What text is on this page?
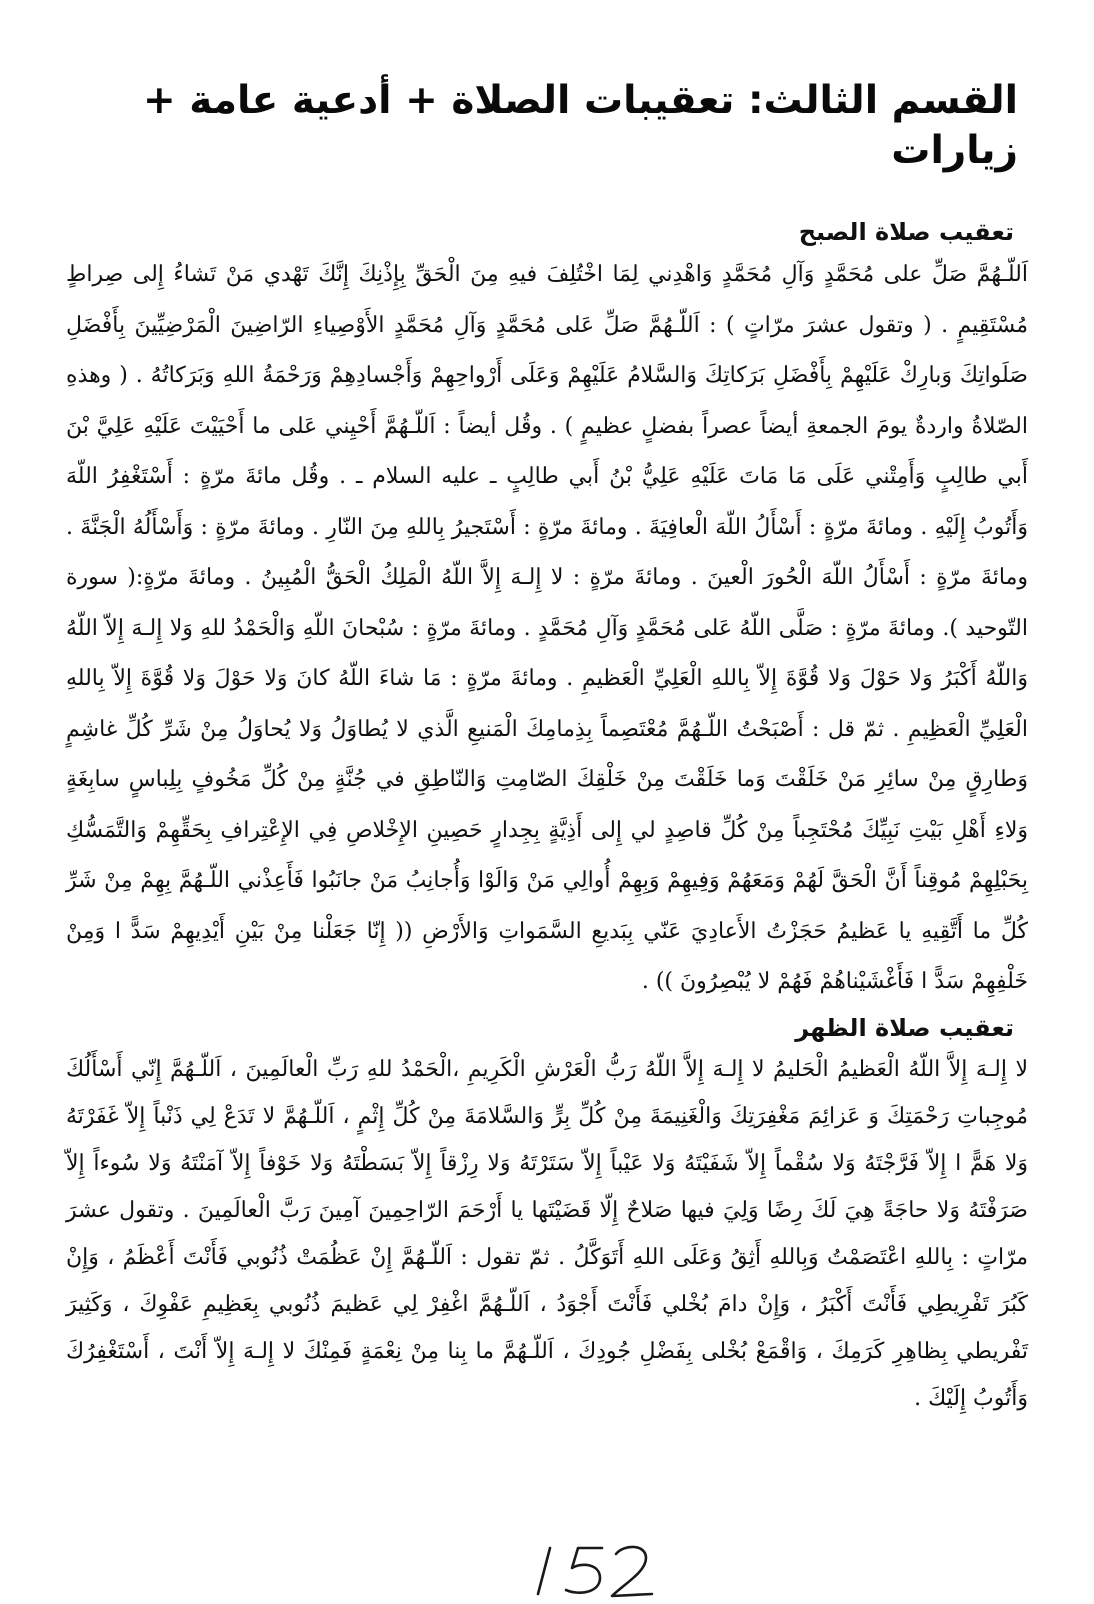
القسم الثالث: تعقيبات الصلاة + أدعية عامة + زيارات
تعقيب صلاة الصبح

اَللّـهُمَّ صَلِّ على مُحَمَّدٍ وَآلِ مُحَمَّدٍ وَاهْدِني لِمَا اخْتُلِفَ فيهِ مِنَ الْحَقِّ بِإِذْنِكَ إِنَّكَ تَهْدي مَنْ تَشاءُ إِلى صِراطٍ مُسْتَقِيمٍ . ( وتقول عشرَ مرّاتٍ ) : اَللّـهُمَّ صَلِّ عَلى مُحَمَّدٍ وَآلِ مُحَمَّدٍ الأَوْصِياءِ الرّاضِينَ الْمَرْضِيِّينَ بِأَفْضَلِ صَلَواتِكَ وَبارِكْ عَلَيْهِمْ بِأَفْضَلِ بَرَكاتِكَ وَالسَّلامُ عَلَيْهِمْ وَعَلَى أَرْواحِهِمْ وَأَجْسادِهِمْ وَرَحْمَةُ اللهِ وَبَرَكاتُهُ . ( وهذهِ الصّلاةُ واردةٌ يومَ الجمعةِ أيضاً عصراً بفضلٍ عظيمٍ ) . وقُل أيضاً : اَللّـهُمَّ أَحْيِني عَلى ما أَحْيَيْتَ عَلَيْهِ عَلِيَّ بْنَ أَبي طالِبٍ وَأَمِتْني عَلَى مَا مَاتَ عَلَيْهِ عَلِيُّ بْنُ أَبي طالِبٍ ـ عليه السلام ـ . وقُل مائةَ مرّةٍ : أَسْتَغْفِرُ اللّهَ وَأَتُوبُ إِلَيْهِ . ومائةَ مرّةٍ : أَسْأَلُ اللّهَ الْعافِيَةَ . ومائةَ مرّةٍ : أَسْتَجيرُ بِاللهِ مِنَ النّارِ . ومائةَ مرّةٍ : وَأَسْأَلُهُ الْجَنَّةَ . ومائةَ مرّةٍ : أَسْأَلُ اللّهَ الْحُورَ الْعينَ . ومائةَ مرّةٍ : لا إِلـهَ إِلاَّ اللّهُ الْمَلِكُ الْحَقُّ الْمُبِينُ . ومائةَ مرّةٍ:( سورة التّوحيد ). ومائةَ مرّةٍ : صَلَّى اللّهُ عَلى مُحَمَّدٍ وَآلِ مُحَمَّدٍ . ومائةَ مرّةٍ : سُبْحانَ اللّهِ وَالْحَمْدُ للهِ وَلا إِلـهَ إِلاّ اللّهُ وَاللّهُ أَكْبَرُ وَلا حَوْلَ وَلا قُوَّةَ إِلاّ بِاللهِ الْعَلِيِّ الْعَظيمِ . ومائةَ مرّةٍ : مَا شاءَ اللّهُ كانَ وَلا حَوْلَ وَلا قُوَّةَ إِلاّ بِاللهِ الْعَلِيِّ الْعَظِيمِ . ثمّ قل : أَصْبَحْتُ اللّـهُمَّ مُعْتَصِماً بِذِمامِكَ الْمَنيعِ الَّذي لا يُطاوَلُ وَلا يُحاوَلُ مِنْ شَرِّ كُلِّ غاشِمٍ وَطارِقٍ مِنْ سائِرِ مَنْ خَلَقْتَ وَما خَلَقْتَ مِنْ خَلْقِكَ الصّامِتِ وَالنّاطِقِ في جُنَّةٍ مِنْ كُلِّ مَخُوفٍ بِلِباسٍ سابِغَةٍ وَلاءِ أَهْلِ بَيْتِ نَبِيِّكَ مُحْتَجِباً مِنْ كُلِّ قاصِدٍ لي إِلى أَذِيَّةٍ بِجِدارٍ حَصِينِ الإِخْلاصِ فِي الإِعْتِرافِ بِحَقِّهِمْ وَالتَّمَسُّكِ بِحَبْلِهِمْ مُوقِناً أَنَّ الْحَقَّ لَهُمْ وَمَعَهُمْ وَفِيهِمْ وَبِهِمْ أُوالِي مَنْ وَالَوْا وَأُجانِبُ مَنْ جانَبُوا فَأَعِذْني اللّـهُمَّ بِهِمْ مِنْ شَرِّ كُلِّ ما أَتَّقِيهِ يا عَظيمُ حَجَزْتُ الأَعادِيَ عَنّي بِبَديعِ السَّمَواتِ وَالأَرْضِ (( إِنّا جَعَلْنا مِنْ بَيْنِ أَيْدِيهِمْ سَدًّ ا وَمِنْ خَلْفِهِمْ سَدًّ ا فَأَغْشَيْناهُمْ فَهُمْ لا يُبْصِرُونَ )) .

تعقيب صلاة الظهر

لا إِلـهَ إِلاَّ اللّهُ الْعَظيمُ الْحَليمُ لا إِلـهَ إِلاَّ اللّهُ رَبُّ الْعَرْشِ الْكَرِيمِ ،الْحَمْدُ للهِ رَبِّ الْعالَمِينَ ، اَللّـهُمَّ إِنّي أَسْأَلُكَ مُوجِباتِ رَحْمَتِكَ وَ عَزائِمَ مَغْفِرَتِكَ وَالْغَنِيمَةَ مِنْ كُلِّ بِرٍّ وَالسَّلامَةَ مِنْ كُلِّ إِثْمٍ ، اَللّـهُمَّ لا تَدَعْ لِي ذَنْباً إِلاّ غَفَرْتَهُ وَلا هَمًّ ا إِلاّ فَرَّجْتَهُ وَلا سُقْماً إِلاّ شَفَيْتَهُ وَلا عَيْباً إِلاّ سَتَرْتَهُ وَلا رِزْقاً إِلاّ بَسَطْتَهُ وَلا خَوْفاً إِلاّ آمَنْتَهُ وَلا سُوءاً إِلاّ صَرَفْتَهُ وَلا حاجَةً هِيَ لَكَ رِضًا وَلِيَ فيها صَلاحٌ إِلّا قَضَيْتَها يا أَرْحَمَ الرّاحِمِينَ آمِينَ رَبَّ الْعالَمِينَ . وتقول عشرَ مرّاتٍ : بِاللهِ اعْتَصَمْتُ وَبِاللهِ أَثِقُ وَعَلَى اللهِ أَتَوَكَّلُ . ثمّ تقول : اَللّـهُمَّ إِنْ عَظُمَتْ ذُنُوبي فَأَنْتَ أَعْظَمُ ، وَإِنْ كَبُرَ تَفْرِيطِي فَأَنْتَ أَكْبَرُ ، وَإِنْ دامَ بُخْلي فَأَنْتَ أَجْوَدُ ، اَللّـهُمَّ اغْفِرْ لِي عَظيمَ ذُنُوبي بِعَظِيمِ عَفْوِكَ ، وَكَثِيرَ تَفْريطي بِظاهِرِ كَرَمِكَ ، وَاقْمَعْ بُخْلى بِفَضْلِ جُودِكَ ، اَللّـهُمَّ ما بِنا مِنْ نِعْمَةٍ فَمِنْكَ لا إِلـهَ إِلاّ أَنْتَ ، أَسْتَغْفِرُكَ وَأَتُوبُ إِلَيْكَ .
